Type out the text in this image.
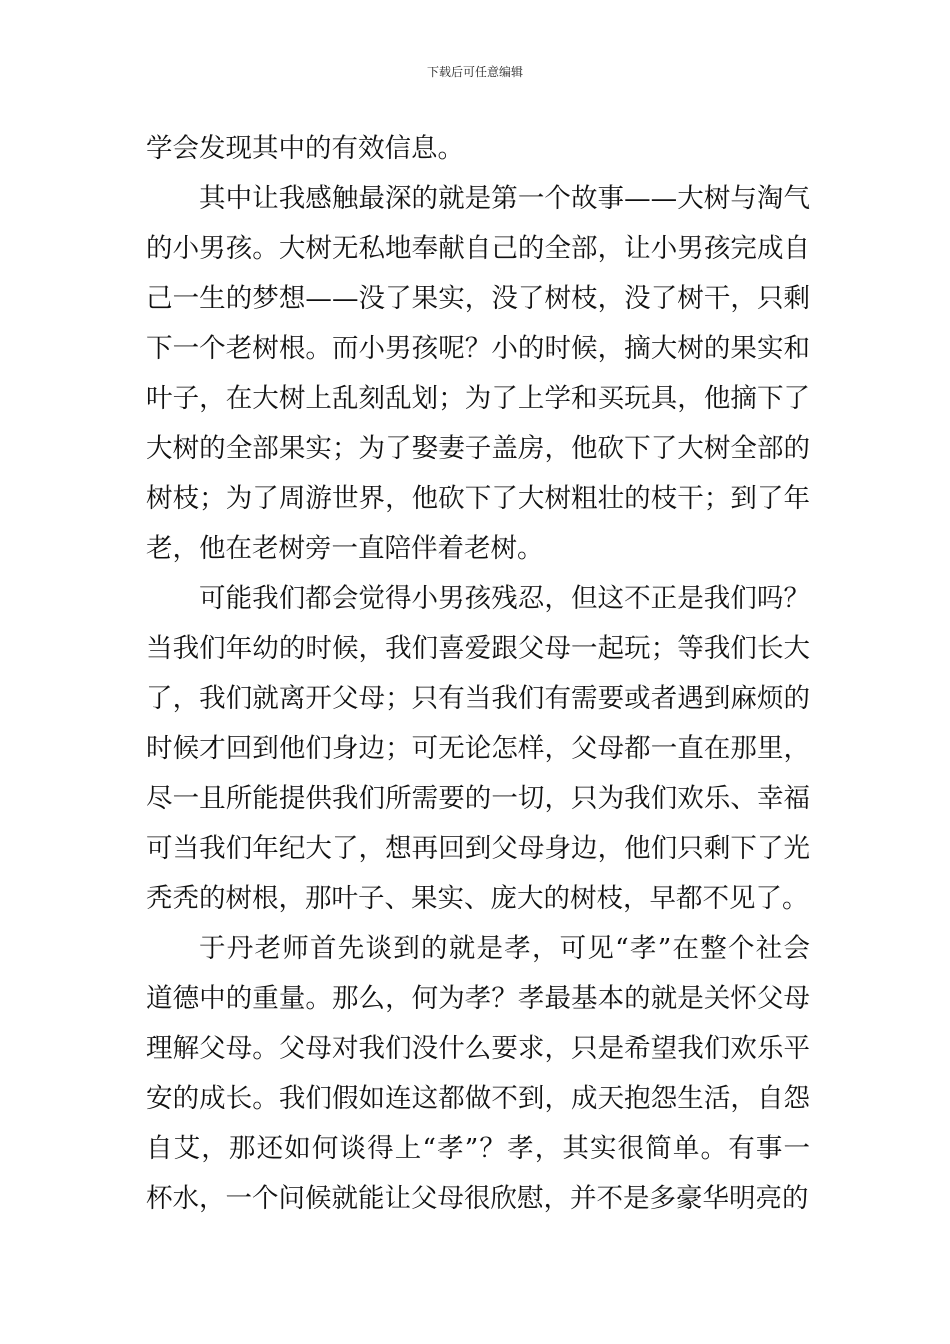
下载后可任意编辑
学会发现其中的有效信息。
其中让我感触最深的就是第一个故事——大树与淘气
的小男孩。大树无私地奉献自己的全部，让小男孩完成自
己一生的梦想——没了果实，没了树枝，没了树干，只剩
下一个老树根。而小男孩呢？小的时候，摘大树的果实和
叶子，在大树上乱刻乱划；为了上学和买玩具，他摘下了
大树的全部果实；为了娶妻子盖房，他砍下了大树全部的
树枝；为了周游世界，他砍下了大树粗壮的枝干；到了年
老，他在老树旁一直陪伴着老树。
可能我们都会觉得小男孩残忍，但这不正是我们吗？
当我们年幼的时候，我们喜爱跟父母一起玩；等我们长大
了，我们就离开父母；只有当我们有需要或者遇到麻烦的
时候才回到他们身边；可无论怎样，父母都一直在那里，
尽一且所能提供我们所需要的一切，只为我们欢乐、幸福
可当我们年纪大了，想再回到父母身边，他们只剩下了光
秃秃的树根，那叶子、果实、庞大的树枝，早都不见了。
于丹老师首先谈到的就是孝，可见“孝”在整个社会
道德中的重量。那么，何为孝？孝最基本的就是关怀父母
理解父母。父母对我们没什么要求，只是希望我们欢乐平
安的成长。我们假如连这都做不到，成天抱怨生活，自怨
自艾，那还如何谈得上“孝”？孝，其实很简单。有事一
杯水，一个问候就能让父母很欣慰，并不是多豪华明亮的
